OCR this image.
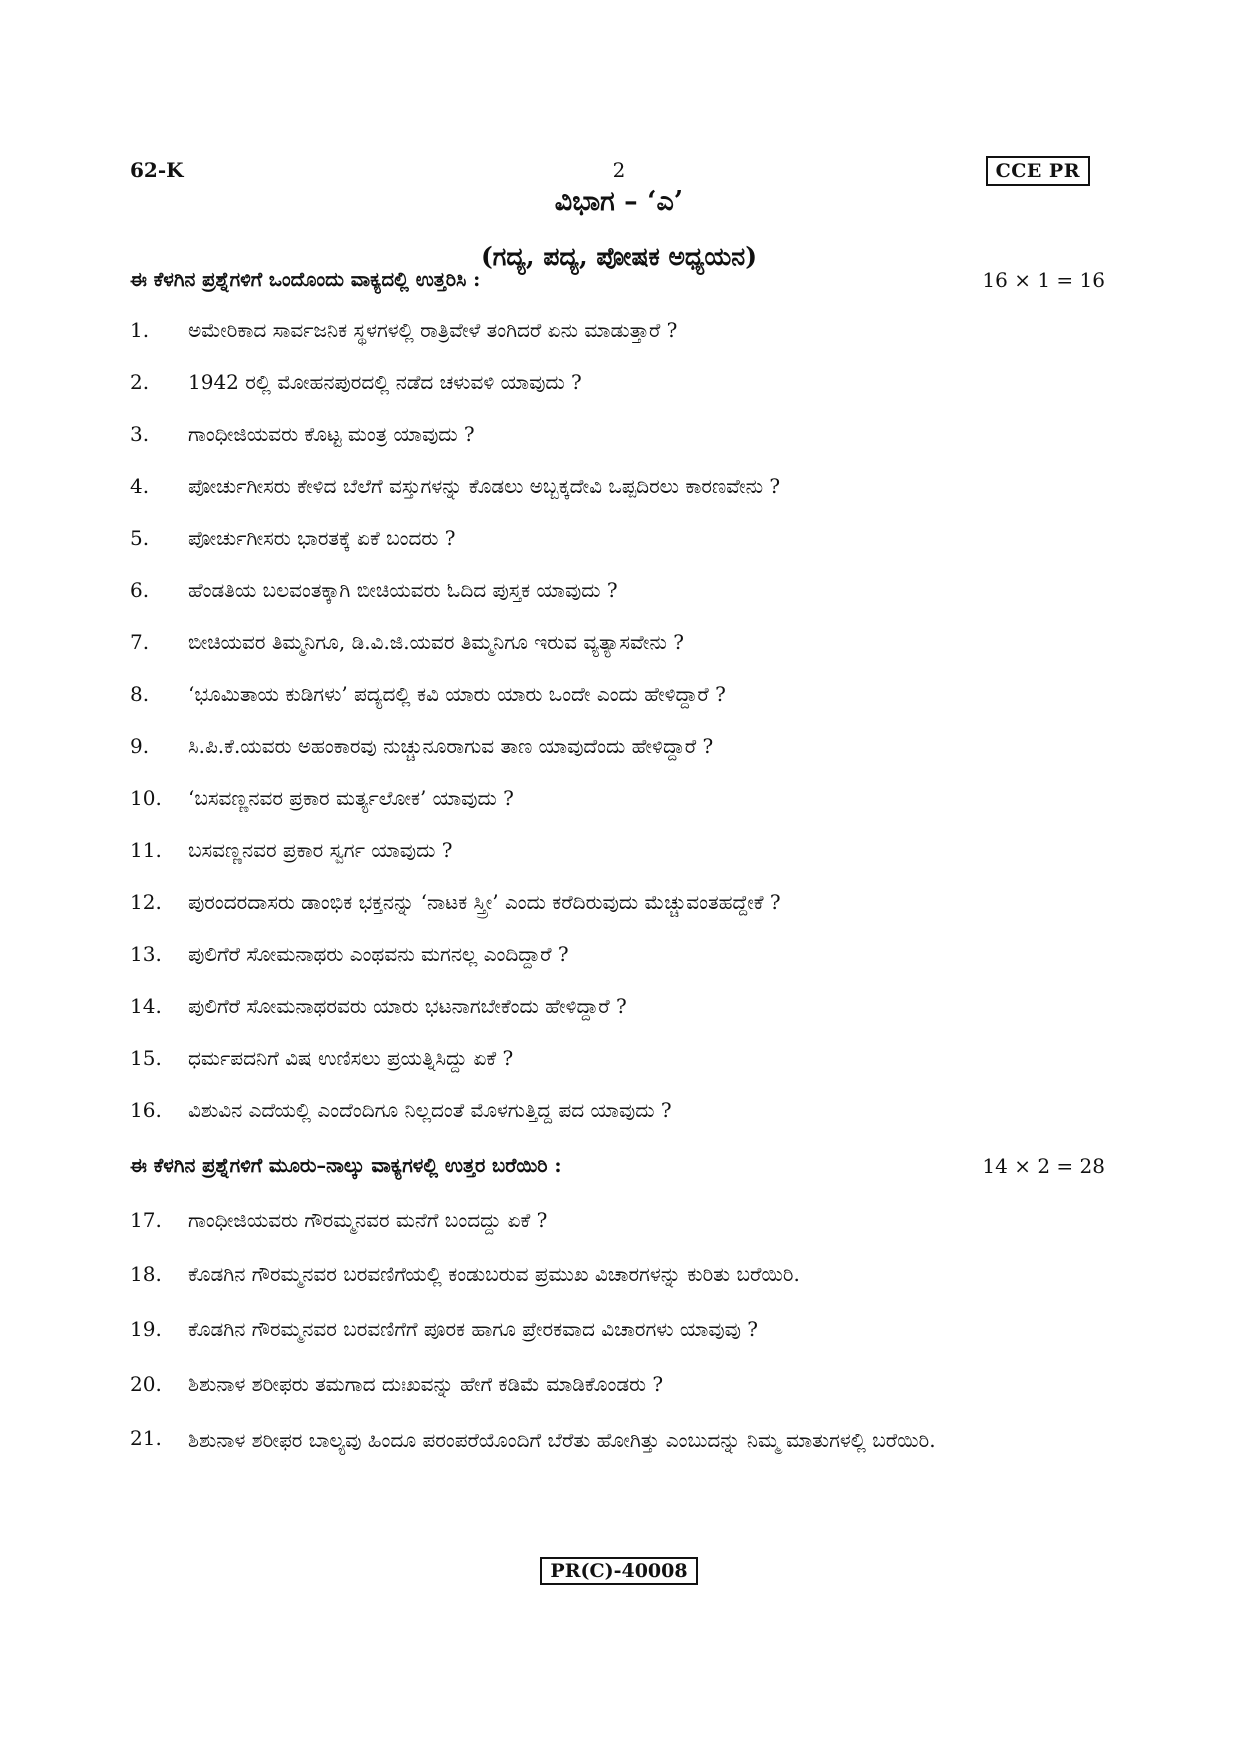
62-K	2	CCE PR
ವಿಭಾಗ – ‘ಎ’
(ಗದ್ಯ, ಪದ್ಯ, ಪೋಷಕ ಅಧ್ಯಯನ)
ಈ ಕೆಳಗಿನ ಪ್ರಶ್ನೆಗಳಿಗೆ ಒಂದೊಂದು ವಾಕ್ಯದಲ್ಲಿ ಉತ್ತರಿಸಿ :	16 × 1 = 16
1.	ಅಮೇರಿಕಾದ ಸಾರ್ವಜನಿಕ ಸ್ಥಳಗಳಲ್ಲಿ ರಾತ್ರಿವೇಳೆ ತಂಗಿದರೆ ಏನು ಮಾಡುತ್ತಾರೆ ?
2.	1942 ರಲ್ಲಿ ಮೋಹನಪುರದಲ್ಲಿ ನಡೆದ ಚಳುವಳಿ ಯಾವುದು ?
3.	ಗಾಂಧೀಜಿಯವರು ಕೊಟ್ಟ ಮಂತ್ರ ಯಾವುದು ?
4.	ಪೋರ್ಚುಗೀಸರು ಕೇಳಿದ ಬೆಲೆಗೆ ವಸ್ತುಗಳನ್ನು ಕೊಡಲು ಅಬ್ಬಕ್ಕದೇವಿ ಒಪ್ಪದಿರಲು ಕಾರಣವೇನು ?
5.	ಪೋರ್ಚುಗೀಸರು ಭಾರತಕ್ಕೆ ಏಕೆ ಬಂದರು ?
6.	ಹೆಂಡತಿಯ ಬಲವಂತಕ್ಕಾಗಿ ಬೀಚಿಯವರು ಓದಿದ ಪುಸ್ತಕ ಯಾವುದು ?
7.	ಬೀಚಿಯವರ ತಿಮ್ಮನಿಗೂ, ಡಿ.ವಿ.ಜಿ.ಯವರ ತಿಮ್ಮನಿಗೂ ಇರುವ ವ್ಯತ್ಯಾಸವೇನು ?
8.	‘ಭೂಮಿತಾಯ ಕುಡಿಗಳು’ ಪದ್ಯದಲ್ಲಿ ಕವಿ ಯಾರು ಯಾರು ಒಂದೇ ಎಂದು ಹೇಳಿದ್ದಾರೆ ?
9.	ಸಿ.ಪಿ.ಕೆ.ಯವರು ಅಹಂಕಾರವು ನುಚ್ಚುನೂರಾಗುವ ತಾಣ ಯಾವುದೆಂದು ಹೇಳಿದ್ದಾರೆ ?
10.	‘ಬಸವಣ್ಣನವರ ಪ್ರಕಾರ ಮರ್ತ್ಯಲೋಕ’ ಯಾವುದು ?
11.	ಬಸವಣ್ಣನವರ ಪ್ರಕಾರ ಸ್ವರ್ಗ ಯಾವುದು ?
12.	ಪುರಂದರದಾಸರು ಡಾಂಭಿಕ ಭಕ್ತನನ್ನು ‘ನಾಟಕ ಸ್ತ್ರೀ’ ಎಂದು ಕರೆದಿರುವುದು ಮೆಚ್ಚುವಂತಹದ್ದೇಕೆ ?
13.	ಪುಲಿಗೆರೆ ಸೋಮನಾಥರು ಎಂಥವನು ಮಗನಲ್ಲ ಎಂದಿದ್ದಾರೆ ?
14.	ಪುಲಿಗೆರೆ ಸೋಮನಾಥರವರು ಯಾರು ಭಟನಾಗಬೇಕೆಂದು ಹೇಳಿದ್ದಾರೆ ?
15.	ಧರ್ಮಪದನಿಗೆ ವಿಷ ಉಣಿಸಲು ಪ್ರಯತ್ನಿಸಿದ್ದು ಏಕೆ ?
16.	ವಿಶುವಿನ ಎದೆಯಲ್ಲಿ ಎಂದೆಂದಿಗೂ ನಿಲ್ಲದಂತೆ ಮೊಳಗುತ್ತಿದ್ದ ಪದ ಯಾವುದು ?
ಈ ಕೆಳಗಿನ ಪ್ರಶ್ನೆಗಳಿಗೆ ಮೂರು–ನಾಲ್ಕು ವಾಕ್ಯಗಳಲ್ಲಿ ಉತ್ತರ ಬರೆಯಿರಿ :	14 × 2 = 28
17.	ಗಾಂಧೀಜಿಯವರು ಗೌರಮ್ಮನವರ ಮನೆಗೆ ಬಂದದ್ದು ಏಕೆ ?
18.	ಕೊಡಗಿನ ಗೌರಮ್ಮನವರ ಬರವಣಿಗೆಯಲ್ಲಿ ಕಂಡುಬರುವ ಪ್ರಮುಖ ವಿಚಾರಗಳನ್ನು ಕುರಿತು ಬರೆಯಿರಿ.
19.	ಕೊಡಗಿನ ಗೌರಮ್ಮನವರ ಬರವಣಿಗೆಗೆ ಪೂರಕ ಹಾಗೂ ಪ್ರೇರಕವಾದ ವಿಚಾರಗಳು ಯಾವುವು ?
20.	ಶಿಶುನಾಳ ಶರೀಫರು ತಮಗಾದ ದುಃಖವನ್ನು ಹೇಗೆ ಕಡಿಮೆ ಮಾಡಿಕೊಂಡರು ?
21.	ಶಿಶುನಾಳ ಶರೀಫರ ಬಾಲ್ಯವು ಹಿಂದೂ ಪರಂಪರೆಯೊಂದಿಗೆ ಬೆರೆತು ಹೋಗಿತ್ತು ಎಂಬುದನ್ನು ನಿಮ್ಮ ಮಾತುಗಳಲ್ಲಿ ಬರೆಯಿರಿ.
PR(C)-40008
